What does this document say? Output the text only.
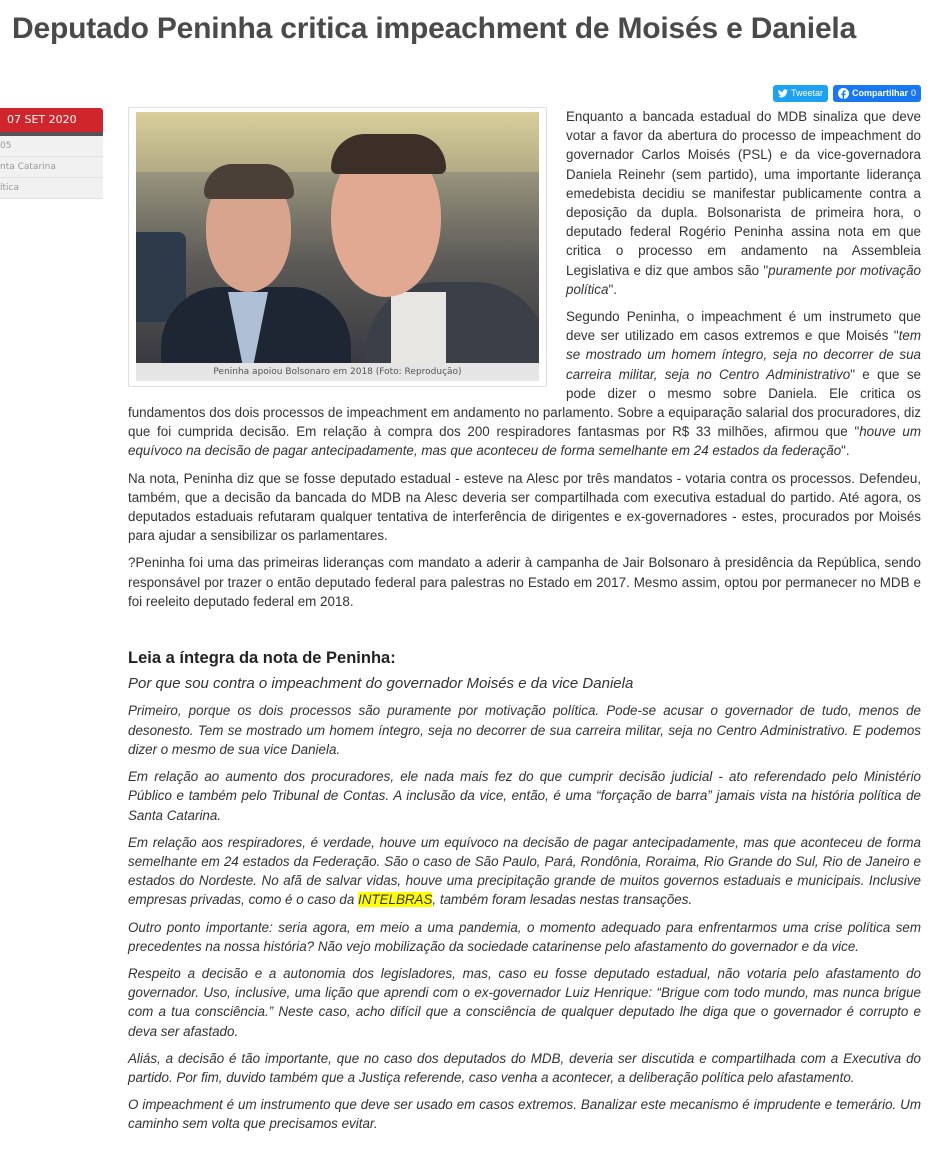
Deputado Peninha critica impeachment de Moisés e Daniela
07 SET 2020
05
nta Catarina
ítica
Tweetar	Compartilhar 0
Peninha apoiou Bolsonaro em 2018 (Foto: Reprodução)

Enquanto a bancada estadual do MDB sinaliza que deve votar a favor da abertura do processo de impeachment do governador Carlos Moisés (PSL) e da vice-governadora Daniela Reinehr (sem partido), uma importante liderança emedebista decidiu se manifestar publicamente contra a deposição da dupla. Bolsonarista de primeira hora, o deputado federal Rogério Peninha assina nota em que critica o processo em andamento na Assembleia Legislativa e diz que ambos são "puramente por motivação política".

Segundo Peninha, o impeachment é um instrumeto que deve ser utilizado em casos extremos e que Moisés "tem se mostrado um homem íntegro, seja no decorrer de sua carreira militar, seja no Centro Administrativo" e que se pode dizer o mesmo sobre Daniela. Ele critica os fundamentos dos dois processos de impeachment em andamento no parlamento. Sobre a equiparação salarial dos procuradores, diz que foi cumprida decisão. Em relação à compra dos 200 respiradores fantasmas por R$ 33 milhões, afirmou que "houve um equívoco na decisão de pagar antecipadamente, mas que aconteceu de forma semelhante em 24 estados da federação".

Na nota, Peninha diz que se fosse deputado estadual - esteve na Alesc por três mandatos - votaria contra os processos. Defendeu, também, que a decisão da bancada do MDB na Alesc deveria ser compartilhada com executiva estadual do partido. Até agora, os deputados estaduais refutaram qualquer tentativa de interferência de dirigentes e ex-governadores - estes, procurados por Moisés para ajudar a sensibilizar os parlamentares.

?Peninha foi uma das primeiras lideranças com mandato a aderir à campanha de Jair Bolsonaro à presidência da República, sendo responsável por trazer o então deputado federal para palestras no Estado em 2017. Mesmo assim, optou por permanecer no MDB e foi reeleito deputado federal em 2018.

Leia a íntegra da nota de Peninha:

Por que sou contra o impeachment do governador Moisés e da vice Daniela

Primeiro, porque os dois processos são puramente por motivação política. Pode-se acusar o governador de tudo, menos de desonesto. Tem se mostrado um homem íntegro, seja no decorrer de sua carreira militar, seja no Centro Administrativo. E podemos dizer o mesmo de sua vice Daniela.

Em relação ao aumento dos procuradores, ele nada mais fez do que cumprir decisão judicial - ato referendado pelo Ministério Público e também pelo Tribunal de Contas. A inclusão da vice, então, é uma “forçação de barra” jamais vista na história política de Santa Catarina.

Em relação aos respiradores, é verdade, houve um equívoco na decisão de pagar antecipadamente, mas que aconteceu de forma semelhante em 24 estados da Federação. São o caso de São Paulo, Pará, Rondônia, Roraima, Rio Grande do Sul, Rio de Janeiro e estados do Nordeste. No afã de salvar vidas, houve uma precipitação grande de muitos governos estaduais e municipais. Inclusive empresas privadas, como é o caso da INTELBRAS, também foram lesadas nestas transações.

Outro ponto importante: seria agora, em meio a uma pandemia, o momento adequado para enfrentarmos uma crise política sem precedentes na nossa história? Não vejo mobilização da sociedade catarinense pelo afastamento do governador e da vice.

Respeito a decisão e a autonomia dos legisladores, mas, caso eu fosse deputado estadual, não votaria pelo afastamento do governador. Uso, inclusive, uma lição que aprendi com o ex-governador Luiz Henrique: “Brigue com todo mundo, mas nunca brigue com a tua consciência.” Neste caso, acho difícil que a consciência de qualquer deputado lhe diga que o governador é corrupto e deva ser afastado.

Aliás, a decisão é tão importante, que no caso dos deputados do MDB, deveria ser discutida e compartilhada com a Executiva do partido. Por fim, duvido também que a Justiça referende, caso venha a acontecer, a deliberação política pelo afastamento.

O impeachment é um instrumento que deve ser usado em casos extremos. Banalizar este mecanismo é imprudente e temerário. Um caminho sem volta que precisamos evitar.
